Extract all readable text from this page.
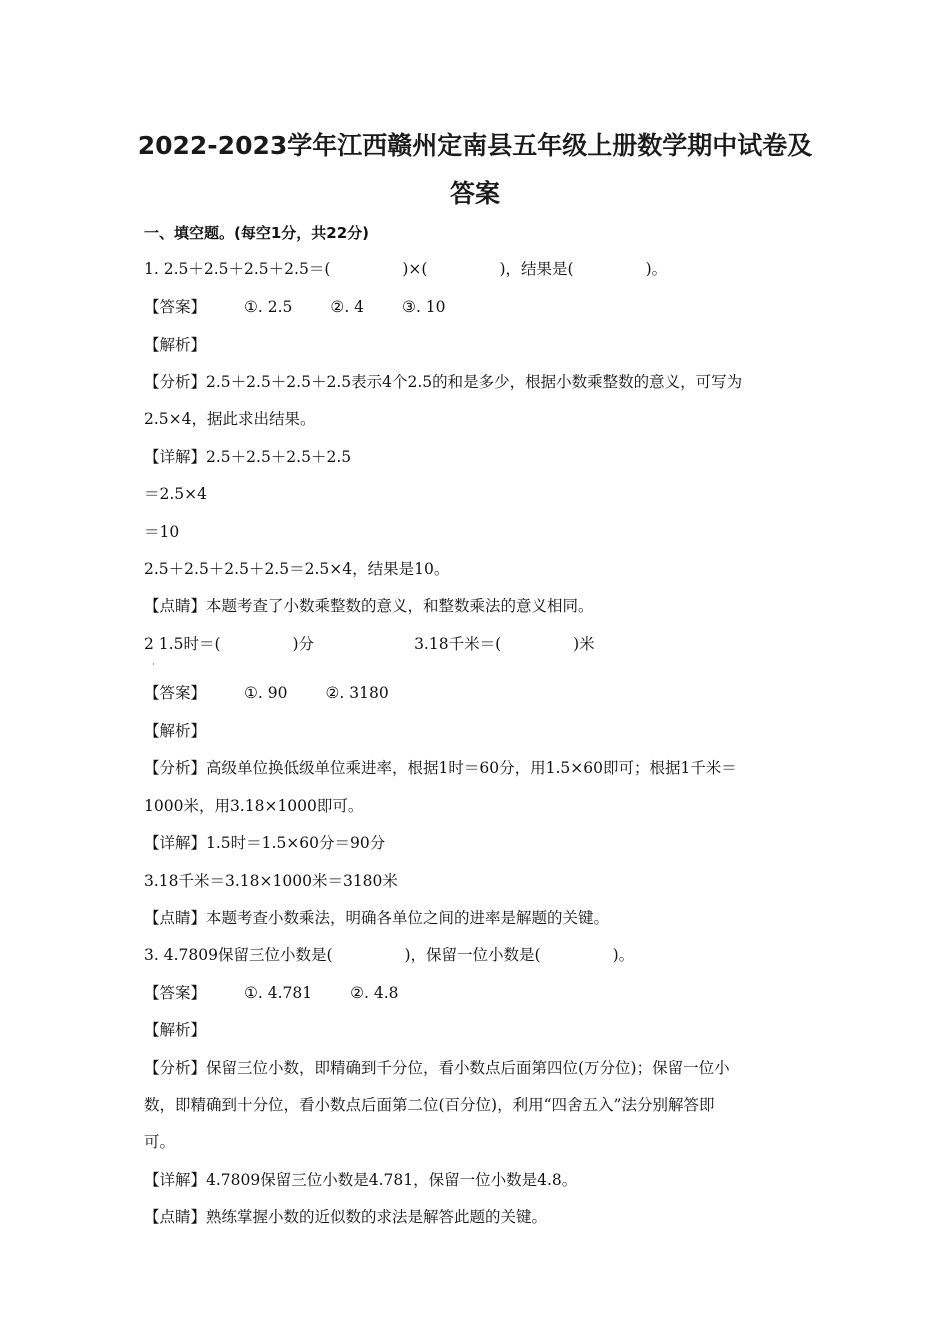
2022-2023学年江西赣州定南县五年级上册数学期中试卷及
答案
一、填空题。(每空1分，共22分)
1. 2.5＋2.5＋2.5＋2.5＝(	)×(	)，结果是(	)。
【答案】 ①. 2.5 ②. 4 ③. 10
【解析】
【分析】2.5＋2.5＋2.5＋2.5表示4个2.5的和是多少，根据小数乘整数的意义，可写为
2.5×4，据此求出结果。
【详解】2.5＋2.5＋2.5＋2.5
＝2.5×4
＝10
2.5＋2.5＋2.5＋2.5＝2.5×4，结果是10。
【点睛】本题考查了小数乘整数的意义，和整数乘法的意义相同。
2 1.5时＝(	)分	3.18千米＝(	)米
·
【答案】 ①. 90 ②. 3180
【解析】
【分析】高级单位换低级单位乘进率，根据1时＝60分，用1.5×60即可；根据1千米＝
1000米，用3.18×1000即可。
【详解】1.5时＝1.5×60分＝90分
3.18千米＝3.18×1000米＝3180米
【点睛】本题考查小数乘法，明确各单位之间的进率是解题的关键。
3. 4.7809保留三位小数是(	)，保留一位小数是(	)。
【答案】 ①. 4.781 ②. 4.8
【解析】
【分析】保留三位小数，即精确到千分位，看小数点后面第四位(万分位)；保留一位小
数，即精确到十分位，看小数点后面第二位(百分位)，利用“四舍五入”法分别解答即
可。
【详解】4.7809保留三位小数是4.781，保留一位小数是4.8。
【点睛】熟练掌握小数的近似数的求法是解答此题的关键。
